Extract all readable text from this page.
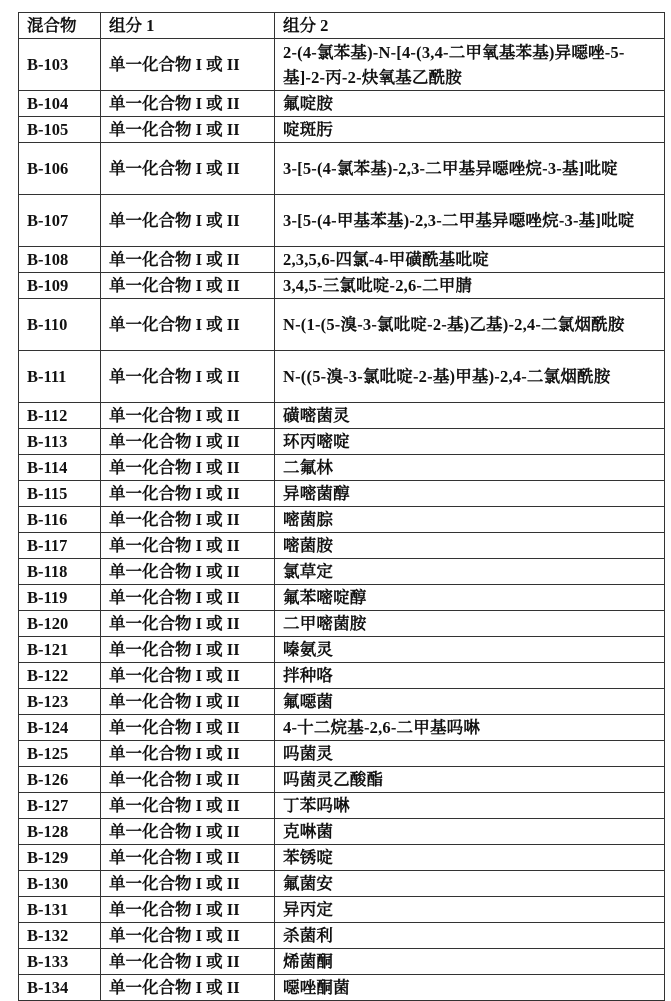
混合物	组分 1	组分 2
B-103	单一化合物 I 或 II	2-(4-氯苯基)-N-[4-(3,4-二甲氧基苯基)异噁唑-5-基]-2-丙-2-炔氧基乙酰胺
B-104	单一化合物 I 或 II	氟啶胺
B-105	单一化合物 I 或 II	啶斑肟
B-106	单一化合物 I 或 II	3-[5-(4-氯苯基)-2,3-二甲基异噁唑烷-3-基]吡啶
B-107	单一化合物 I 或 II	3-[5-(4-甲基苯基)-2,3-二甲基异噁唑烷-3-基]吡啶
B-108	单一化合物 I 或 II	2,3,5,6-四氯-4-甲磺酰基吡啶
B-109	单一化合物 I 或 II	3,4,5-三氯吡啶-2,6-二甲腈
B-110	单一化合物 I 或 II	N-(1-(5-溴-3-氯吡啶-2-基)乙基)-2,4-二氯烟酰胺
B-111	单一化合物 I 或 II	N-((5-溴-3-氯吡啶-2-基)甲基)-2,4-二氯烟酰胺
B-112	单一化合物 I 或 II	磺嘧菌灵
B-113	单一化合物 I 或 II	环丙嘧啶
B-114	单一化合物 I 或 II	二氟林
B-115	单一化合物 I 或 II	异嘧菌醇
B-116	单一化合物 I 或 II	嘧菌腙
B-117	单一化合物 I 或 II	嘧菌胺
B-118	单一化合物 I 或 II	氯草定
B-119	单一化合物 I 或 II	氟苯嘧啶醇
B-120	单一化合物 I 或 II	二甲嘧菌胺
B-121	单一化合物 I 或 II	嗪氨灵
B-122	单一化合物 I 或 II	拌种咯
B-123	单一化合物 I 或 II	氟噁菌
B-124	单一化合物 I 或 II	4-十二烷基-2,6-二甲基吗啉
B-125	单一化合物 I 或 II	吗菌灵
B-126	单一化合物 I 或 II	吗菌灵乙酸酯
B-127	单一化合物 I 或 II	丁苯吗啉
B-128	单一化合物 I 或 II	克啉菌
B-129	单一化合物 I 或 II	苯锈啶
B-130	单一化合物 I 或 II	氟菌安
B-131	单一化合物 I 或 II	异丙定
B-132	单一化合物 I 或 II	杀菌利
B-133	单一化合物 I 或 II	烯菌酮
B-134	单一化合物 I 或 II	噁唑酮菌
